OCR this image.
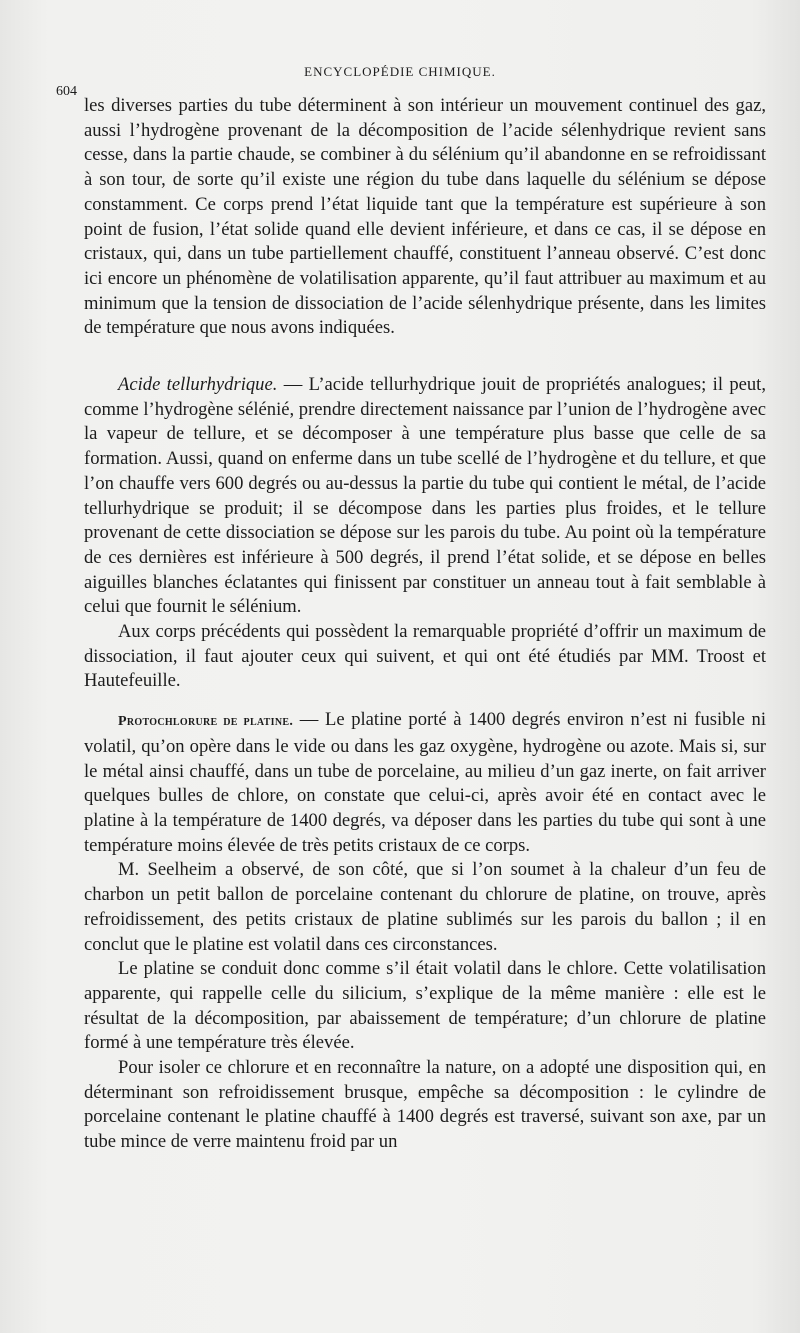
ENCYCLOPÉDIE CHIMIQUE.
604

les diverses parties du tube déterminent à son intérieur un mouvement continuel des gaz, aussi l’hydrogène provenant de la décomposition de l’acide sélenhydrique revient sans cesse, dans la partie chaude, se combiner à du sélénium qu’il abandonne en se refroidissant à son tour, de sorte qu’il existe une région du tube dans laquelle du sélénium se dépose constamment. Ce corps prend l’état liquide tant que la température est supérieure à son point de fusion, l’état solide quand elle devient inférieure, et dans ce cas, il se dépose en cristaux, qui, dans un tube partiellement chauffé, constituent l’anneau observé. C’est donc ici encore un phénomène de volatilisation apparente, qu’il faut attribuer au maximum et au minimum que la tension de dissociation de l’acide sélenhydrique présente, dans les limites de température que nous avons indiquées.

Acide tellurhydrique. — L’acide tellurhydrique jouit de propriétés analogues; il peut, comme l’hydrogène sélénié, prendre directement naissance par l’union de l’hydrogène avec la vapeur de tellure, et se décomposer à une température plus basse que celle de sa formation. Aussi, quand on enferme dans un tube scellé de l’hydrogène et du tellure, et que l’on chauffe vers 600 degrés ou au-dessus la partie du tube qui contient le métal, de l’acide tellurhydrique se produit; il se décompose dans les parties plus froides, et le tellure provenant de cette dissociation se dépose sur les parois du tube. Au point où la température de ces dernières est inférieure à 500 degrés, il prend l’état solide, et se dépose en belles aiguilles blanches éclatantes qui finissent par constituer un anneau tout à fait semblable à celui que fournit le sélénium.

Aux corps précédents qui possèdent la remarquable propriété d’offrir un maximum de dissociation, il faut ajouter ceux qui suivent, et qui ont été étudiés par MM. Troost et Hautefeuille.

Protochlorure de platine. — Le platine porté à 1400 degrés environ n’est ni fusible ni volatil, qu’on opère dans le vide ou dans les gaz oxygène, hydrogène ou azote. Mais si, sur le métal ainsi chauffé, dans un tube de porcelaine, au milieu d’un gaz inerte, on fait arriver quelques bulles de chlore, on constate que celui-ci, après avoir été en contact avec le platine à la température de 1400 degrés, va déposer dans les parties du tube qui sont à une température moins élevée de très petits cristaux de ce corps.

M. Seelheim a observé, de son côté, que si l’on soumet à la chaleur d’un feu de charbon un petit ballon de porcelaine contenant du chlorure de platine, on trouve, après refroidissement, des petits cristaux de platine sublimés sur les parois du ballon ; il en conclut que le platine est volatil dans ces circonstances.

Le platine se conduit donc comme s’il était volatil dans le chlore. Cette volatilisation apparente, qui rappelle celle du silicium, s’explique de la même manière : elle est le résultat de la décomposition, par abaissement de température; d’un chlorure de platine formé à une température très élevée.

Pour isoler ce chlorure et en reconnaître la nature, on a adopté une disposition qui, en déterminant son refroidissement brusque, empêche sa décomposition : le cylindre de porcelaine contenant le platine chauffé à 1400 degrés est traversé, suivant son axe, par un tube mince de verre maintenu froid par un
